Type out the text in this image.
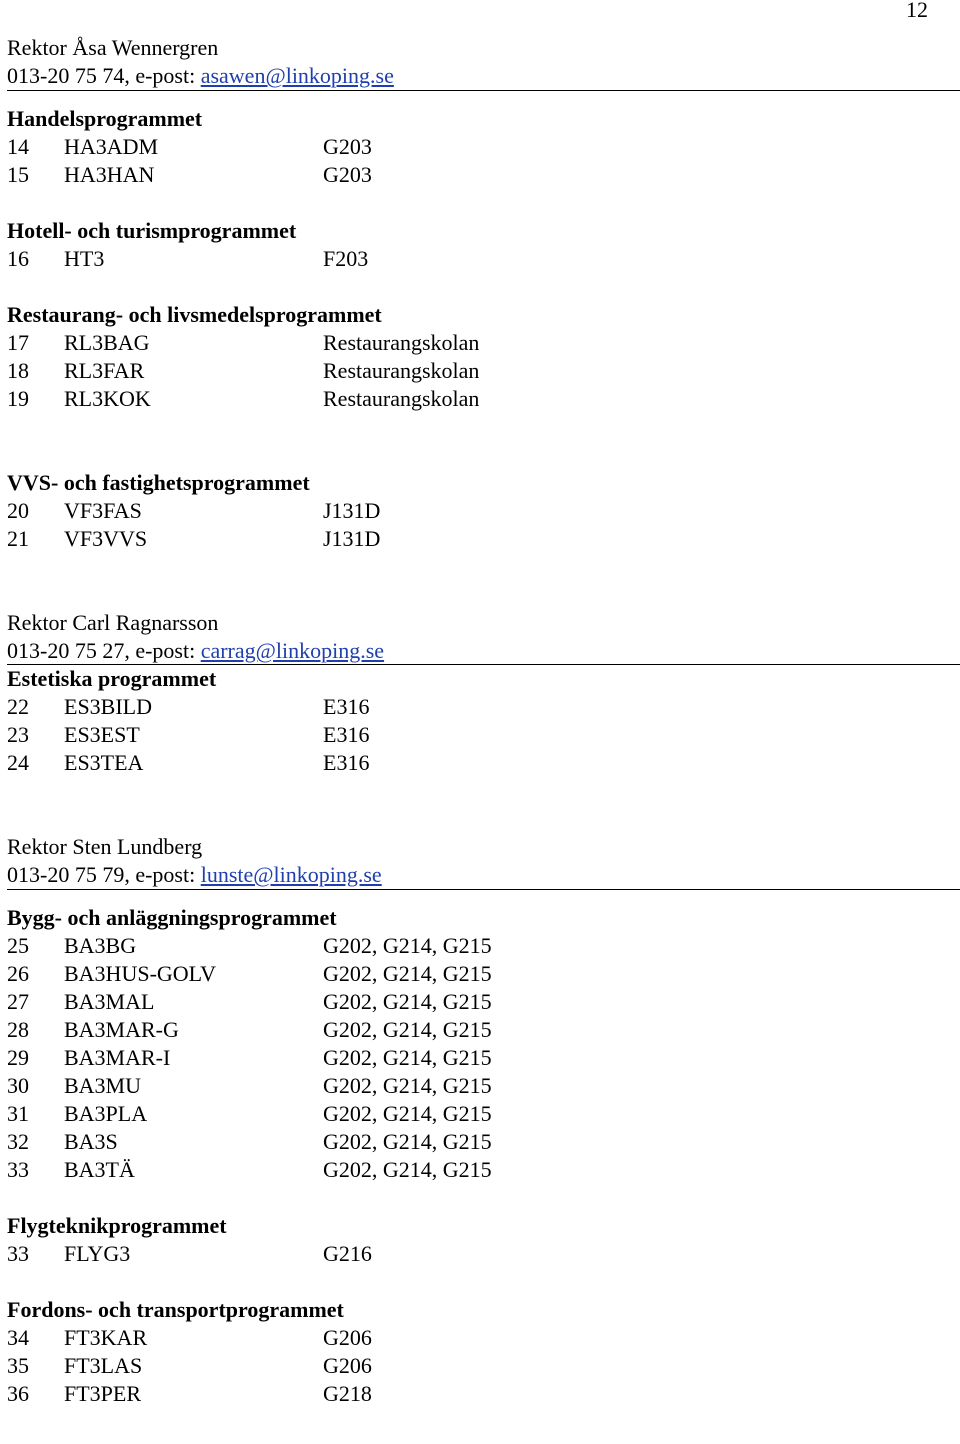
12
Rektor Åsa Wennergren
013-20 75 74, e-post: asawen@linkoping.se
Handelsprogrammet
14	HA3ADM	G203
15	HA3HAN	G203
Hotell- och turismprogrammet
16	HT3	F203
Restaurang- och livsmedelsprogrammet
17	RL3BAG	Restaurangskolan
18	RL3FAR	Restaurangskolan
19	RL3KOK	Restaurangskolan
VVS- och fastighetsprogrammet
20	VF3FAS	J131D
21	VF3VVS	J131D
Rektor Carl Ragnarsson
013-20 75 27, e-post: carrag@linkoping.se
Estetiska programmet
22	ES3BILD	E316
23	ES3EST	E316
24	ES3TEA	E316
Rektor Sten Lundberg
013-20 75 79, e-post: lunste@linkoping.se
Bygg- och anläggningsprogrammet
25	BA3BG	G202, G214, G215
26	BA3HUS-GOLV	G202, G214, G215
27	BA3MAL	G202, G214, G215
28	BA3MAR-G	G202, G214, G215
29	BA3MAR-I	G202, G214, G215
30	BA3MU	G202, G214, G215
31	BA3PLA	G202, G214, G215
32	BA3S	G202, G214, G215
33	BA3TÄ	G202, G214, G215
Flygteknikprogrammet
33	FLYG3	G216
Fordons- och transportprogrammet
34	FT3KAR	G206
35	FT3LAS	G206
36	FT3PER	G218
